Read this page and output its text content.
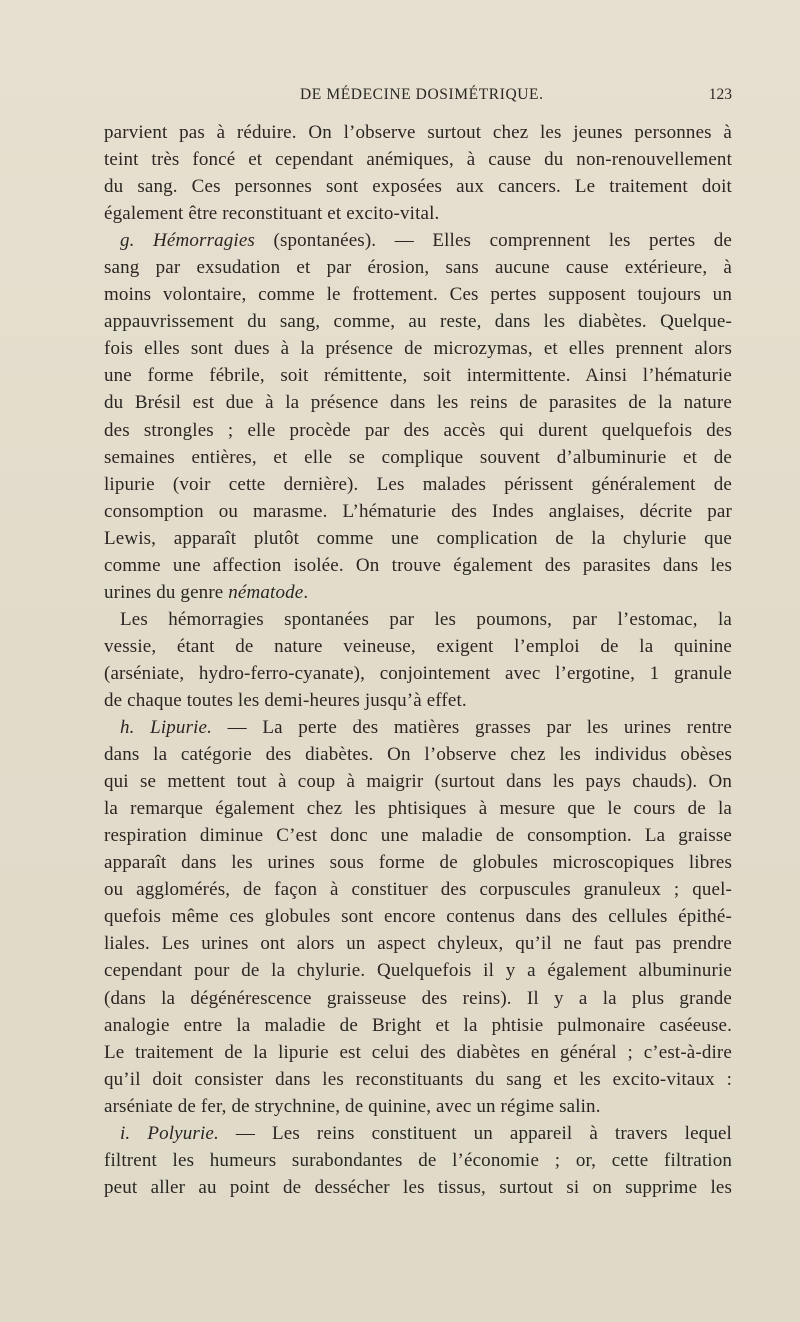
DE MÉDECINE DOSIMÉTRIQUE.	123
parvient pas à réduire. On l’observe surtout chez les jeunes personnes à
teint très foncé et cependant anémiques, à cause du non-renouvellement
du sang. Ces personnes sont exposées aux cancers. Le traitement doit
également être reconstituant et excito-vital.
g. Hémorragies (spontanées). — Elles comprennent les pertes de
sang par exsudation et par érosion, sans aucune cause extérieure, à
moins volontaire, comme le frottement. Ces pertes supposent toujours un
appauvrissement du sang, comme, au reste, dans les diabètes. Quelque-
fois elles sont dues à la présence de microzymas, et elles prennent alors
une forme fébrile, soit rémittente, soit intermittente. Ainsi l’hématurie
du Brésil est due à la présence dans les reins de parasites de la nature
des strongles ; elle procède par des accès qui durent quelquefois des
semaines entières, et elle se complique souvent d’albuminurie et de
lipurie (voir cette dernière). Les malades périssent généralement de
consomption ou marasme. L’hématurie des Indes anglaises, décrite par
Lewis, apparaît plutôt comme une complication de la chylurie que
comme une affection isolée. On trouve également des parasites dans les
urines du genre nématode.
Les hémorragies spontanées par les poumons, par l’estomac, la
vessie, étant de nature veineuse, exigent l’emploi de la quinine
(arséniate, hydro-ferro-cyanate), conjointement avec l’ergotine, 1 granule
de chaque toutes les demi-heures jusqu’à effet.
h. Lipurie. — La perte des matières grasses par les urines rentre
dans la catégorie des diabètes. On l’observe chez les individus obèses
qui se mettent tout à coup à maigrir (surtout dans les pays chauds). On
la remarque également chez les phtisiques à mesure que le cours de la
respiration diminue C’est donc une maladie de consomption. La graisse
apparaît dans les urines sous forme de globules microscopiques libres
ou agglomérés, de façon à constituer des corpuscules granuleux ; quel-
quefois même ces globules sont encore contenus dans des cellules épithé-
liales. Les urines ont alors un aspect chyleux, qu’il ne faut pas prendre
cependant pour de la chylurie. Quelquefois il y a également albuminurie
(dans la dégénérescence graisseuse des reins). Il y a la plus grande
analogie entre la maladie de Bright et la phtisie pulmonaire caséeuse.
Le traitement de la lipurie est celui des diabètes en général ; c’est-à-dire
qu’il doit consister dans les reconstituants du sang et les excito-vitaux :
arséniate de fer, de strychnine, de quinine, avec un régime salin.
i. Polyurie. — Les reins constituent un appareil à travers lequel
filtrent les humeurs surabondantes de l’économie ; or, cette filtration
peut aller au point de dessécher les tissus, surtout si on supprime les
